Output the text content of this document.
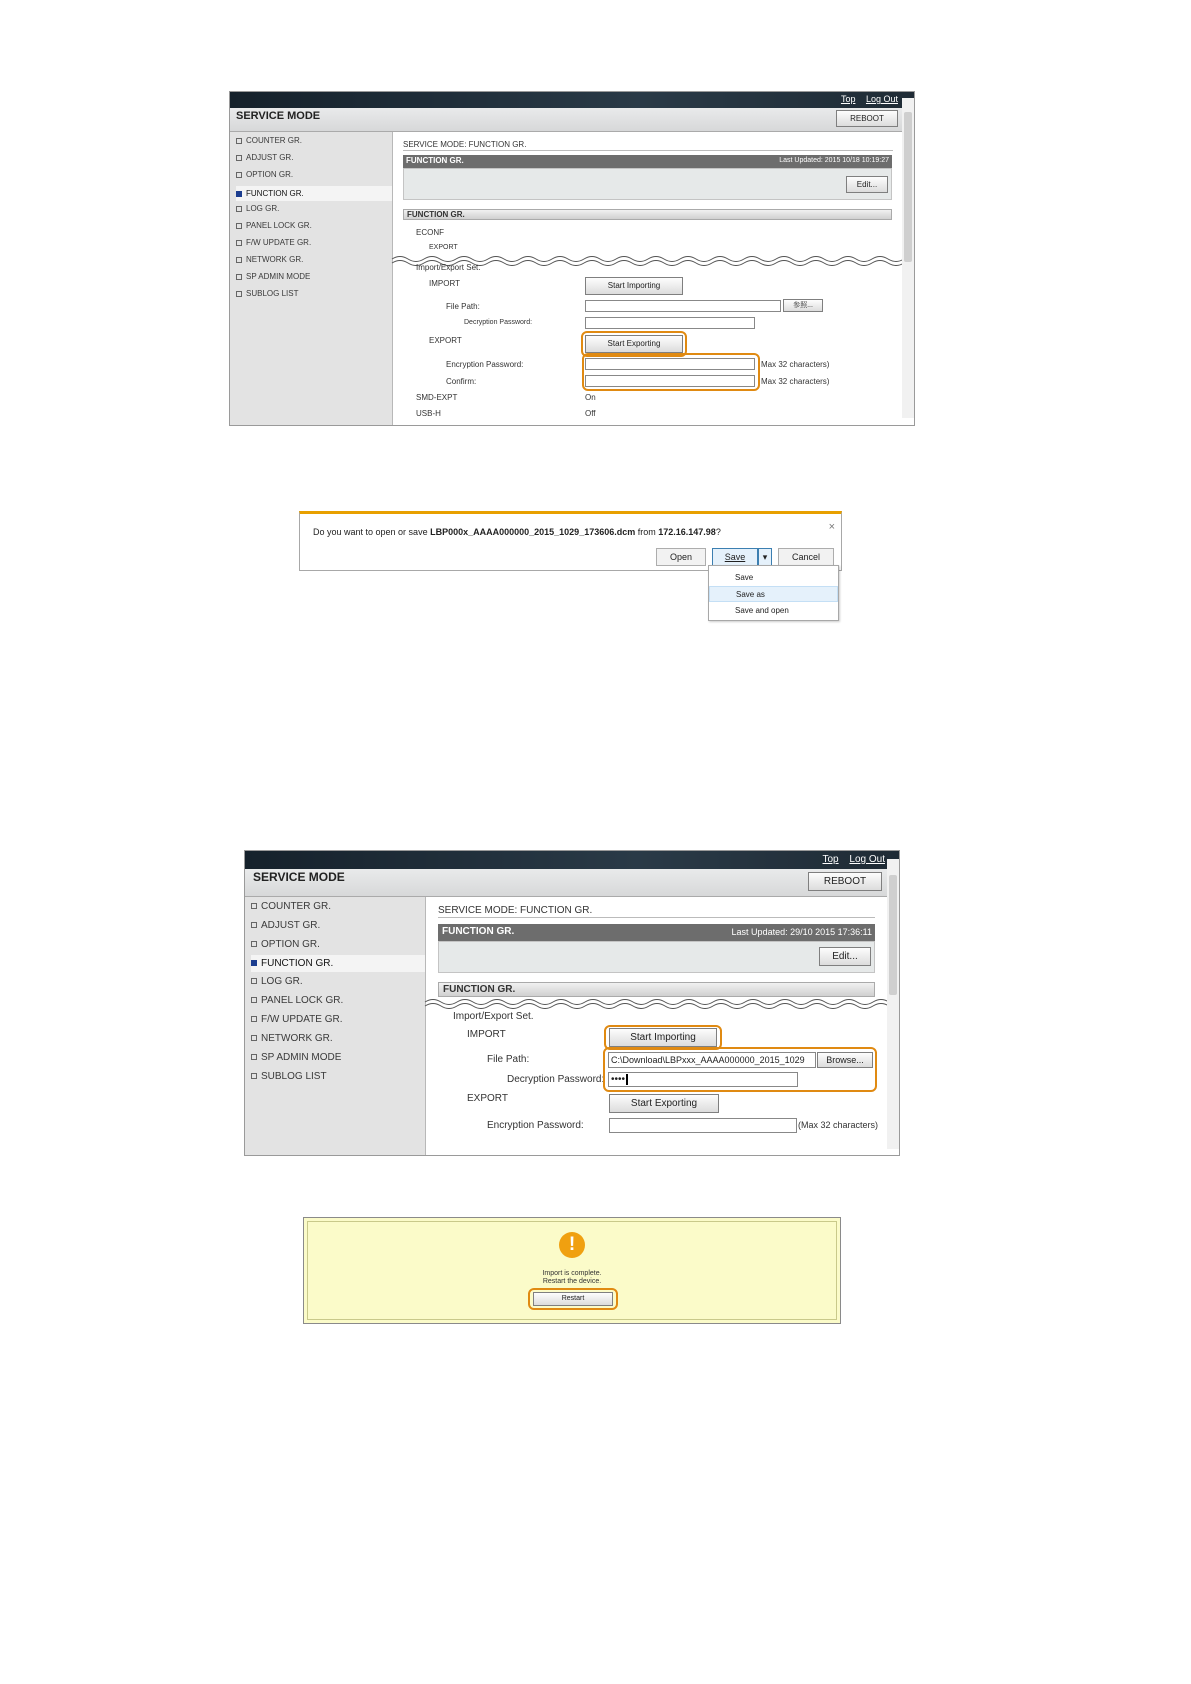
Top Log Out
SERVICE MODE	REBOOT
COUNTER GR.
ADJUST GR.
OPTION GR.
FUNCTION GR.
LOG GR.
PANEL LOCK GR.
F/W UPDATE GR.
NETWORK GR.
SP ADMIN MODE
SUBLOG LIST
SERVICE MODE: FUNCTION GR.
FUNCTION GR.	Last Updated: 2015 10/18 10:19:27
Edit...
FUNCTION GR.
ECONF
EXPORT
Import/Export Set.
IMPORT	Start Importing
File Path:	参照...
Decryption Password:
EXPORT	Start Exporting
Encryption Password:	Max 32 characters)
Confirm:	Max 32 characters)
SMD-EXPT	On
USB-H	Off
Do you want to open or save LBP000x_AAAA000000_2015_1029_173606.dcm from 172.16.147.98?	×
Open	Save	▾	Cancel
Save
Save as
Save and open
Top Log Out
SERVICE MODE	REBOOT
COUNTER GR.
ADJUST GR.
OPTION GR.
FUNCTION GR.
LOG GR.
PANEL LOCK GR.
F/W UPDATE GR.
NETWORK GR.
SP ADMIN MODE
SUBLOG LIST
SERVICE MODE: FUNCTION GR.
FUNCTION GR.	Last Updated: 29/10 2015 17:36:11
Edit...
FUNCTION GR.
Import/Export Set.
IMPORT	Start Importing
File Path:	C:\Download\LBPxxx_AAAA000000_2015_1029	Browse...
Decryption Password: ••••
EXPORT	Start Exporting
Encryption Password:	(Max 32 characters)
!
Import is complete.
Restart the device.
Restart
